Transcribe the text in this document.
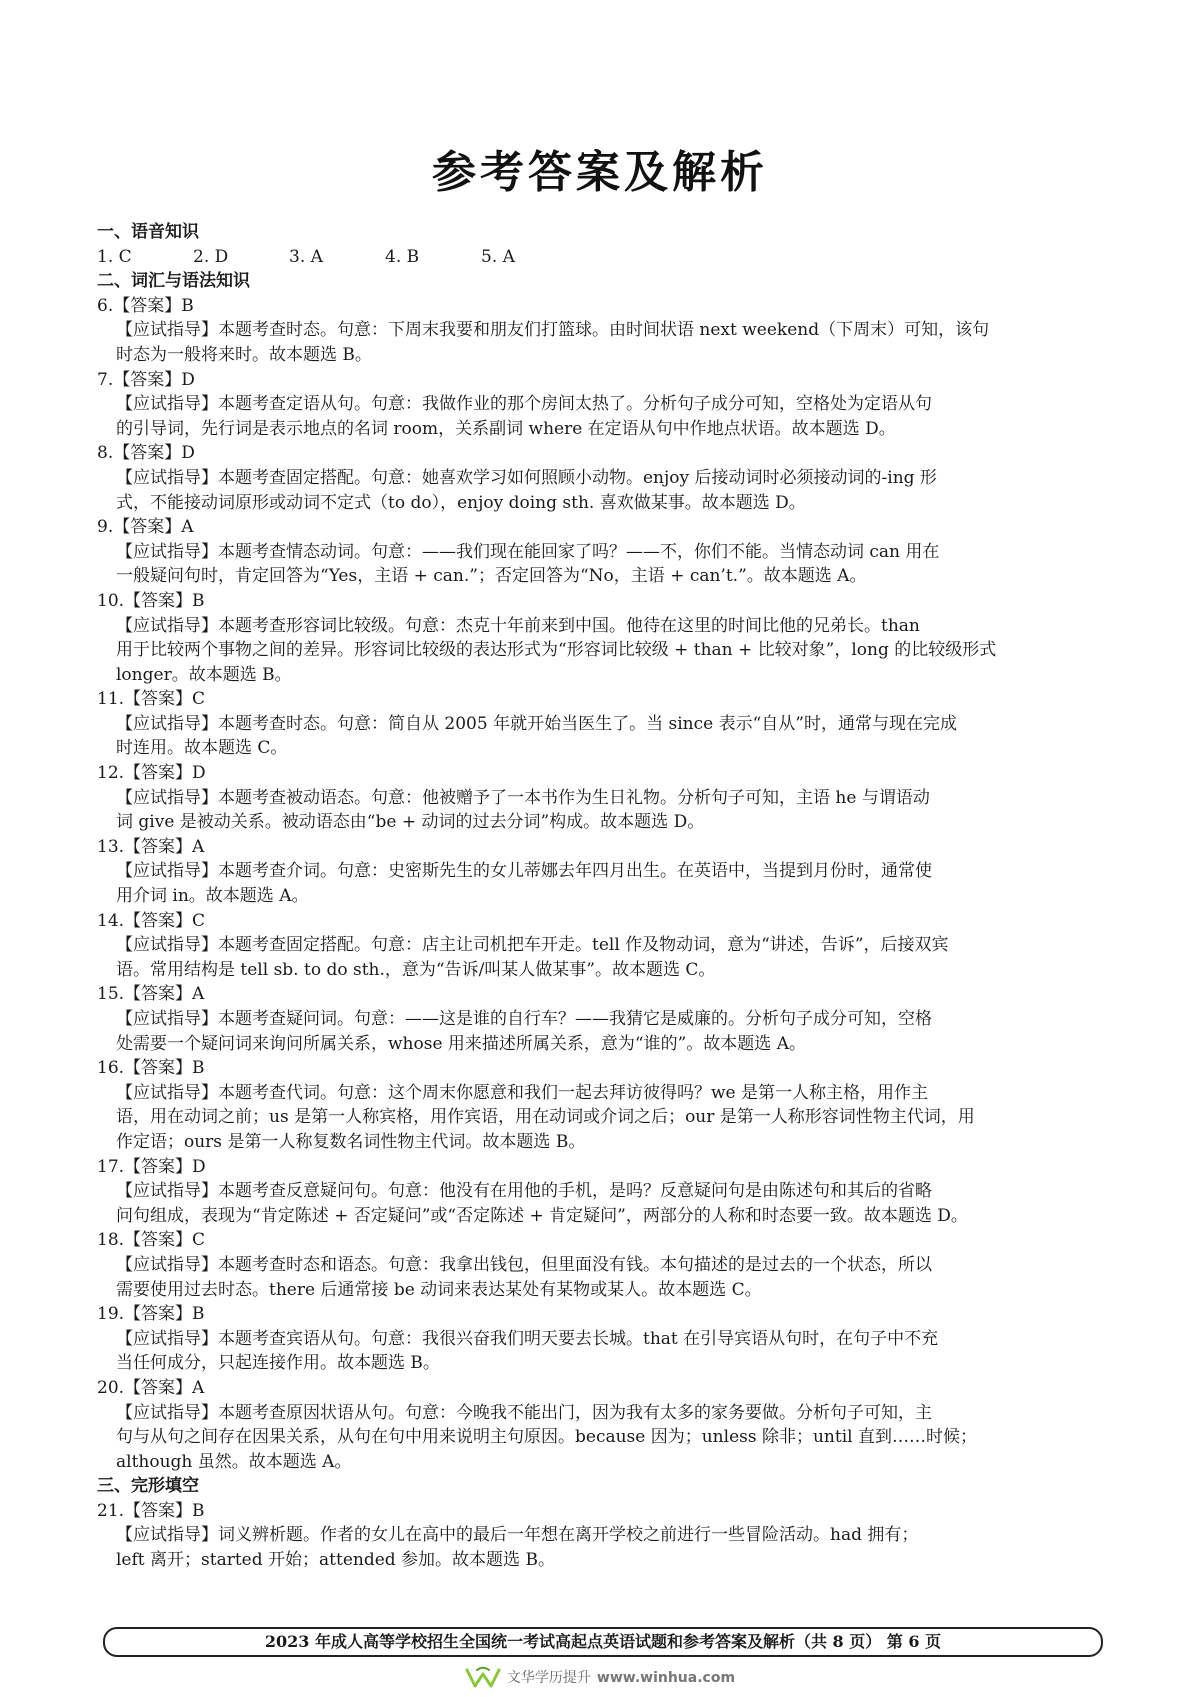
参考答案及解析
一、语音知识
1. C	2. D	3. A	4. B	5. A
二、词汇与语法知识
6.【答案】B
【应试指导】本题考查时态。句意：下周末我要和朋友们打篮球。由时间状语 next weekend（下周末）可知，该句
时态为一般将来时。故本题选 B。
7.【答案】D
【应试指导】本题考查定语从句。句意：我做作业的那个房间太热了。分析句子成分可知，空格处为定语从句
的引导词，先行词是表示地点的名词 room，关系副词 where 在定语从句中作地点状语。故本题选 D。
8.【答案】D
【应试指导】本题考查固定搭配。句意：她喜欢学习如何照顾小动物。enjoy 后接动词时必须接动词的-ing 形
式，不能接动词原形或动词不定式（to do），enjoy doing sth. 喜欢做某事。故本题选 D。
9.【答案】A
【应试指导】本题考查情态动词。句意：——我们现在能回家了吗？——不，你们不能。当情态动词 can 用在
一般疑问句时，肯定回答为“Yes，主语 + can.”；否定回答为“No，主语 + can’t.”。故本题选 A。
10.【答案】B
【应试指导】本题考查形容词比较级。句意：杰克十年前来到中国。他待在这里的时间比他的兄弟长。than
用于比较两个事物之间的差异。形容词比较级的表达形式为“形容词比较级 + than + 比较对象”，long 的比较级形式
longer。故本题选 B。
11.【答案】C
【应试指导】本题考查时态。句意：简自从 2005 年就开始当医生了。当 since 表示“自从”时，通常与现在完成
时连用。故本题选 C。
12.【答案】D
【应试指导】本题考查被动语态。句意：他被赠予了一本书作为生日礼物。分析句子可知，主语 he 与谓语动
词 give 是被动关系。被动语态由“be + 动词的过去分词”构成。故本题选 D。
13.【答案】A
【应试指导】本题考查介词。句意：史密斯先生的女儿蒂娜去年四月出生。在英语中，当提到月份时，通常使
用介词 in。故本题选 A。
14.【答案】C
【应试指导】本题考查固定搭配。句意：店主让司机把车开走。tell 作及物动词，意为“讲述，告诉”，后接双宾
语。常用结构是 tell sb. to do sth.，意为“告诉/叫某人做某事”。故本题选 C。
15.【答案】A
【应试指导】本题考查疑问词。句意：——这是谁的自行车？——我猜它是威廉的。分析句子成分可知，空格
处需要一个疑问词来询问所属关系，whose 用来描述所属关系，意为“谁的”。故本题选 A。
16.【答案】B
【应试指导】本题考查代词。句意：这个周末你愿意和我们一起去拜访彼得吗？we 是第一人称主格，用作主
语，用在动词之前；us 是第一人称宾格，用作宾语，用在动词或介词之后；our 是第一人称形容词性物主代词，用
作定语；ours 是第一人称复数名词性物主代词。故本题选 B。
17.【答案】D
【应试指导】本题考查反意疑问句。句意：他没有在用他的手机，是吗？反意疑问句是由陈述句和其后的省略
问句组成，表现为“肯定陈述 + 否定疑问”或“否定陈述 + 肯定疑问”，两部分的人称和时态要一致。故本题选 D。
18.【答案】C
【应试指导】本题考查时态和语态。句意：我拿出钱包，但里面没有钱。本句描述的是过去的一个状态，所以
需要使用过去时态。there 后通常接 be 动词来表达某处有某物或某人。故本题选 C。
19.【答案】B
【应试指导】本题考查宾语从句。句意：我很兴奋我们明天要去长城。that 在引导宾语从句时，在句子中不充
当任何成分，只起连接作用。故本题选 B。
20.【答案】A
【应试指导】本题考查原因状语从句。句意：今晚我不能出门，因为我有太多的家务要做。分析句子可知，主
句与从句之间存在因果关系，从句在句中用来说明主句原因。because 因为；unless 除非；until 直到……时候；
although 虽然。故本题选 A。
三、完形填空
21.【答案】B
【应试指导】词义辨析题。作者的女儿在高中的最后一年想在离开学校之前进行一些冒险活动。had 拥有；
left 离开；started 开始；attended 参加。故本题选 B。
2023 年成人高等学校招生全国统一考试高起点英语试题和参考答案及解析（共 8 页） 第 6 页
文华学历提升 www.winhua.com
